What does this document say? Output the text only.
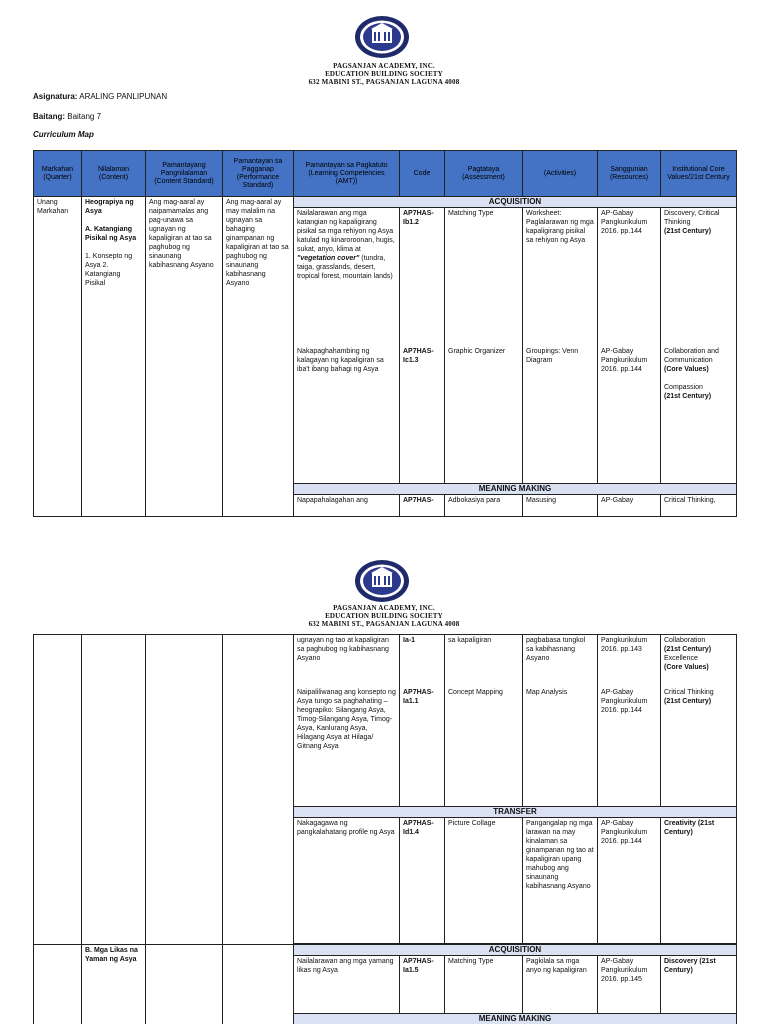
PAGSANJAN ACADEMY, INC.
EDUCATION BUILDING SOCIETY
632 MABINI ST., PAGSANJAN LAGUNA 4008
Asignatura: ARALING PANLIPUNAN
Baitang: Baitang 7
Curriculum Map
Markahan (Quarter)	Nilalaman (Content)	Pamantayang Pangnilalaman (Content Standard)	Pamantayan sa Pagganap (Performance Standard)	Pamantayan sa Pagkatuto (Learning Competencies (AMT))	Code	Pagtataya (Assessment)	(Activities)	Sanggunian (Resources)	Institutional Core Values/21st Century
Unang Markahan	Heograpiya ng Asya
A. Katangiang Pisikal ng Asya
1. Konsepto ng Asya 2. Katangiang Pisikal	Ang mag-aaral ay naipamamalas ang pag-unawa sa ugnayan ng kapaligiran at tao sa paghubog ng sinaunang kabihasnang Asyano	Ang mag-aaral ay may malalim na ugnayan sa bahaging ginampanan ng kapaligiran at tao sa paghubog ng sinaunang kabihasnang Asyano	ACQUISITION					
				Nailalarawan ang mga katangian ng kapaligirang pisikal sa mga rehiyon ng Asya katulad ng kinaroroonan, hugis, sukat, anyo, klima at "vegetation cover" (tundra, taiga, grasslands, desert, tropical forest, mountain lands)	AP7HAS-Ib1.2	Matching Type	Worksheet: Paglalarawan ng mga kapaligirang pisikal sa rehiyon ng Asya	AP-Gabay Pangkurikulum 2016. pp.144	Discovery, Critical Thinking
(21st Century)

				Nakapaghahambing ng kalagayan ng kapaligiran sa iba't ibang bahagi ng Asya	AP7HAS-Ic1.3	Graphic Organizer	Groupings: Venn Diagram	AP-Gabay Pangkurikulum 2016. pp.144	Collaboration and Communication
(Core Values)
Compassion
(21st Century)

				MEANING MAKING					
				Napapahalagahan ang	AP7HAS-	Adbokasiya para	Masusing	AP-Gabay	Critical Thinking,
PAGSANJAN ACADEMY, INC.
EDUCATION BUILDING SOCIETY
632 MABINI ST., PAGSANJAN LAGUNA 4008
				ugnayan ng tao at kapaligiran sa paghubog ng kabihasnang Asyano	Ia-1	sa kapaligiran	pagbabasa tungkol sa kabihasnang Asyano	Pangkurikulum 2016. pp.143	Collaboration
(21st Century)
Excellence
(Core Values)

				Naipaliliwanag ang konsepto ng Asya tungo sa paghahating – heograpiko: Silangang Asya, Timog-Silangang Asya, Timog-Asya, Kanlurang Asya, Hilagang Asya at Hilaga/ Gitnang Asya	AP7HAS-Ia1.1	Concept Mapping	Map Analysis	AP-Gabay Pangkurikulum 2016. pp.144	Critical Thinking
(21st Century)

				TRANSFER					
				Nakagagawa ng pangkalahatang profile ng Asya	AP7HAS-Id1.4	Picture Collage	Pangangalap ng mga larawan na may kinalaman sa ginampanan ng tao at kapaligiran upang mahubog ang sinaunang kabihasnang Asyano	AP-Gabay Pangkurikulum 2016. pp.144	Creativity (21st Century)

	B. Mga Likas na Yaman ng Asya			ACQUISITION					
				Nailalarawan ang mga yamang likas ng Asya	AP7HAS-Ia1.5	Matching Type	Pagkilala sa mga anyo ng kapaligiran	AP-Gabay Pangkurikulum 2016. pp.145	Discovery (21st Century)
				MEANING MAKING					
